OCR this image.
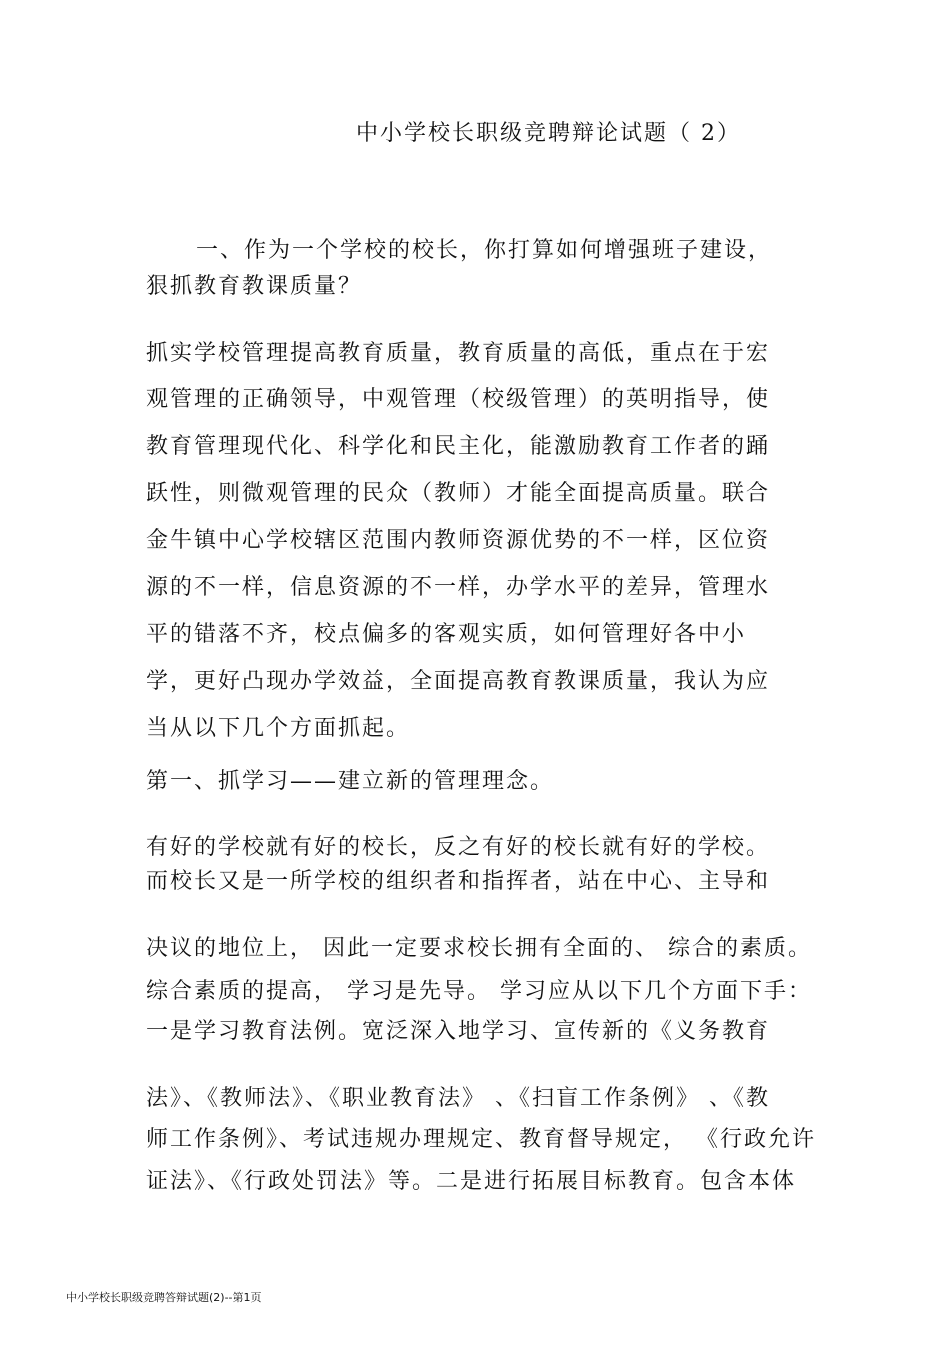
中小学校长职级竞聘辩论试题（ 2）
一、作为一个学校的校长，你打算如何增强班子建设，
狠抓教育教课质量？
抓实学校管理提高教育质量，教育质量的高低，重点在于宏
观管理的正确领导，中观管理（校级管理）的英明指导，使
教育管理现代化、科学化和民主化，能激励教育工作者的踊
跃性，则微观管理的民众（教师）才能全面提高质量。联合
金牛镇中心学校辖区范围内教师资源优势的不一样，区位资
源的不一样，信息资源的不一样，办学水平的差异，管理水
平的错落不齐，校点偏多的客观实质，如何管理好各中小
学，更好凸现办学效益，全面提高教育教课质量，我认为应
当从以下几个方面抓起。
第一、抓学习——建立新的管理理念。
有好的学校就有好的校长，反之有好的校长就有好的学校。
而校长又是一所学校的组织者和指挥者，站在中心、主导和
决议的地位上， 因此一定要求校长拥有全面的、 综合的素质。
综合素质的提高， 学习是先导。 学习应从以下几个方面下手：
一是学习教育法例。宽泛深入地学习、宣传新的《义务教育
法》、《教师法》、《职业教育法》 、《扫盲工作条例》 、《教
师工作条例》、考试违规办理规定、教育督导规定， 《行政允许
证法》、《行政处罚法》等。二是进行拓展目标教育。包含本体
中小学校长职级竞聘答辩试题(2)--第1页
